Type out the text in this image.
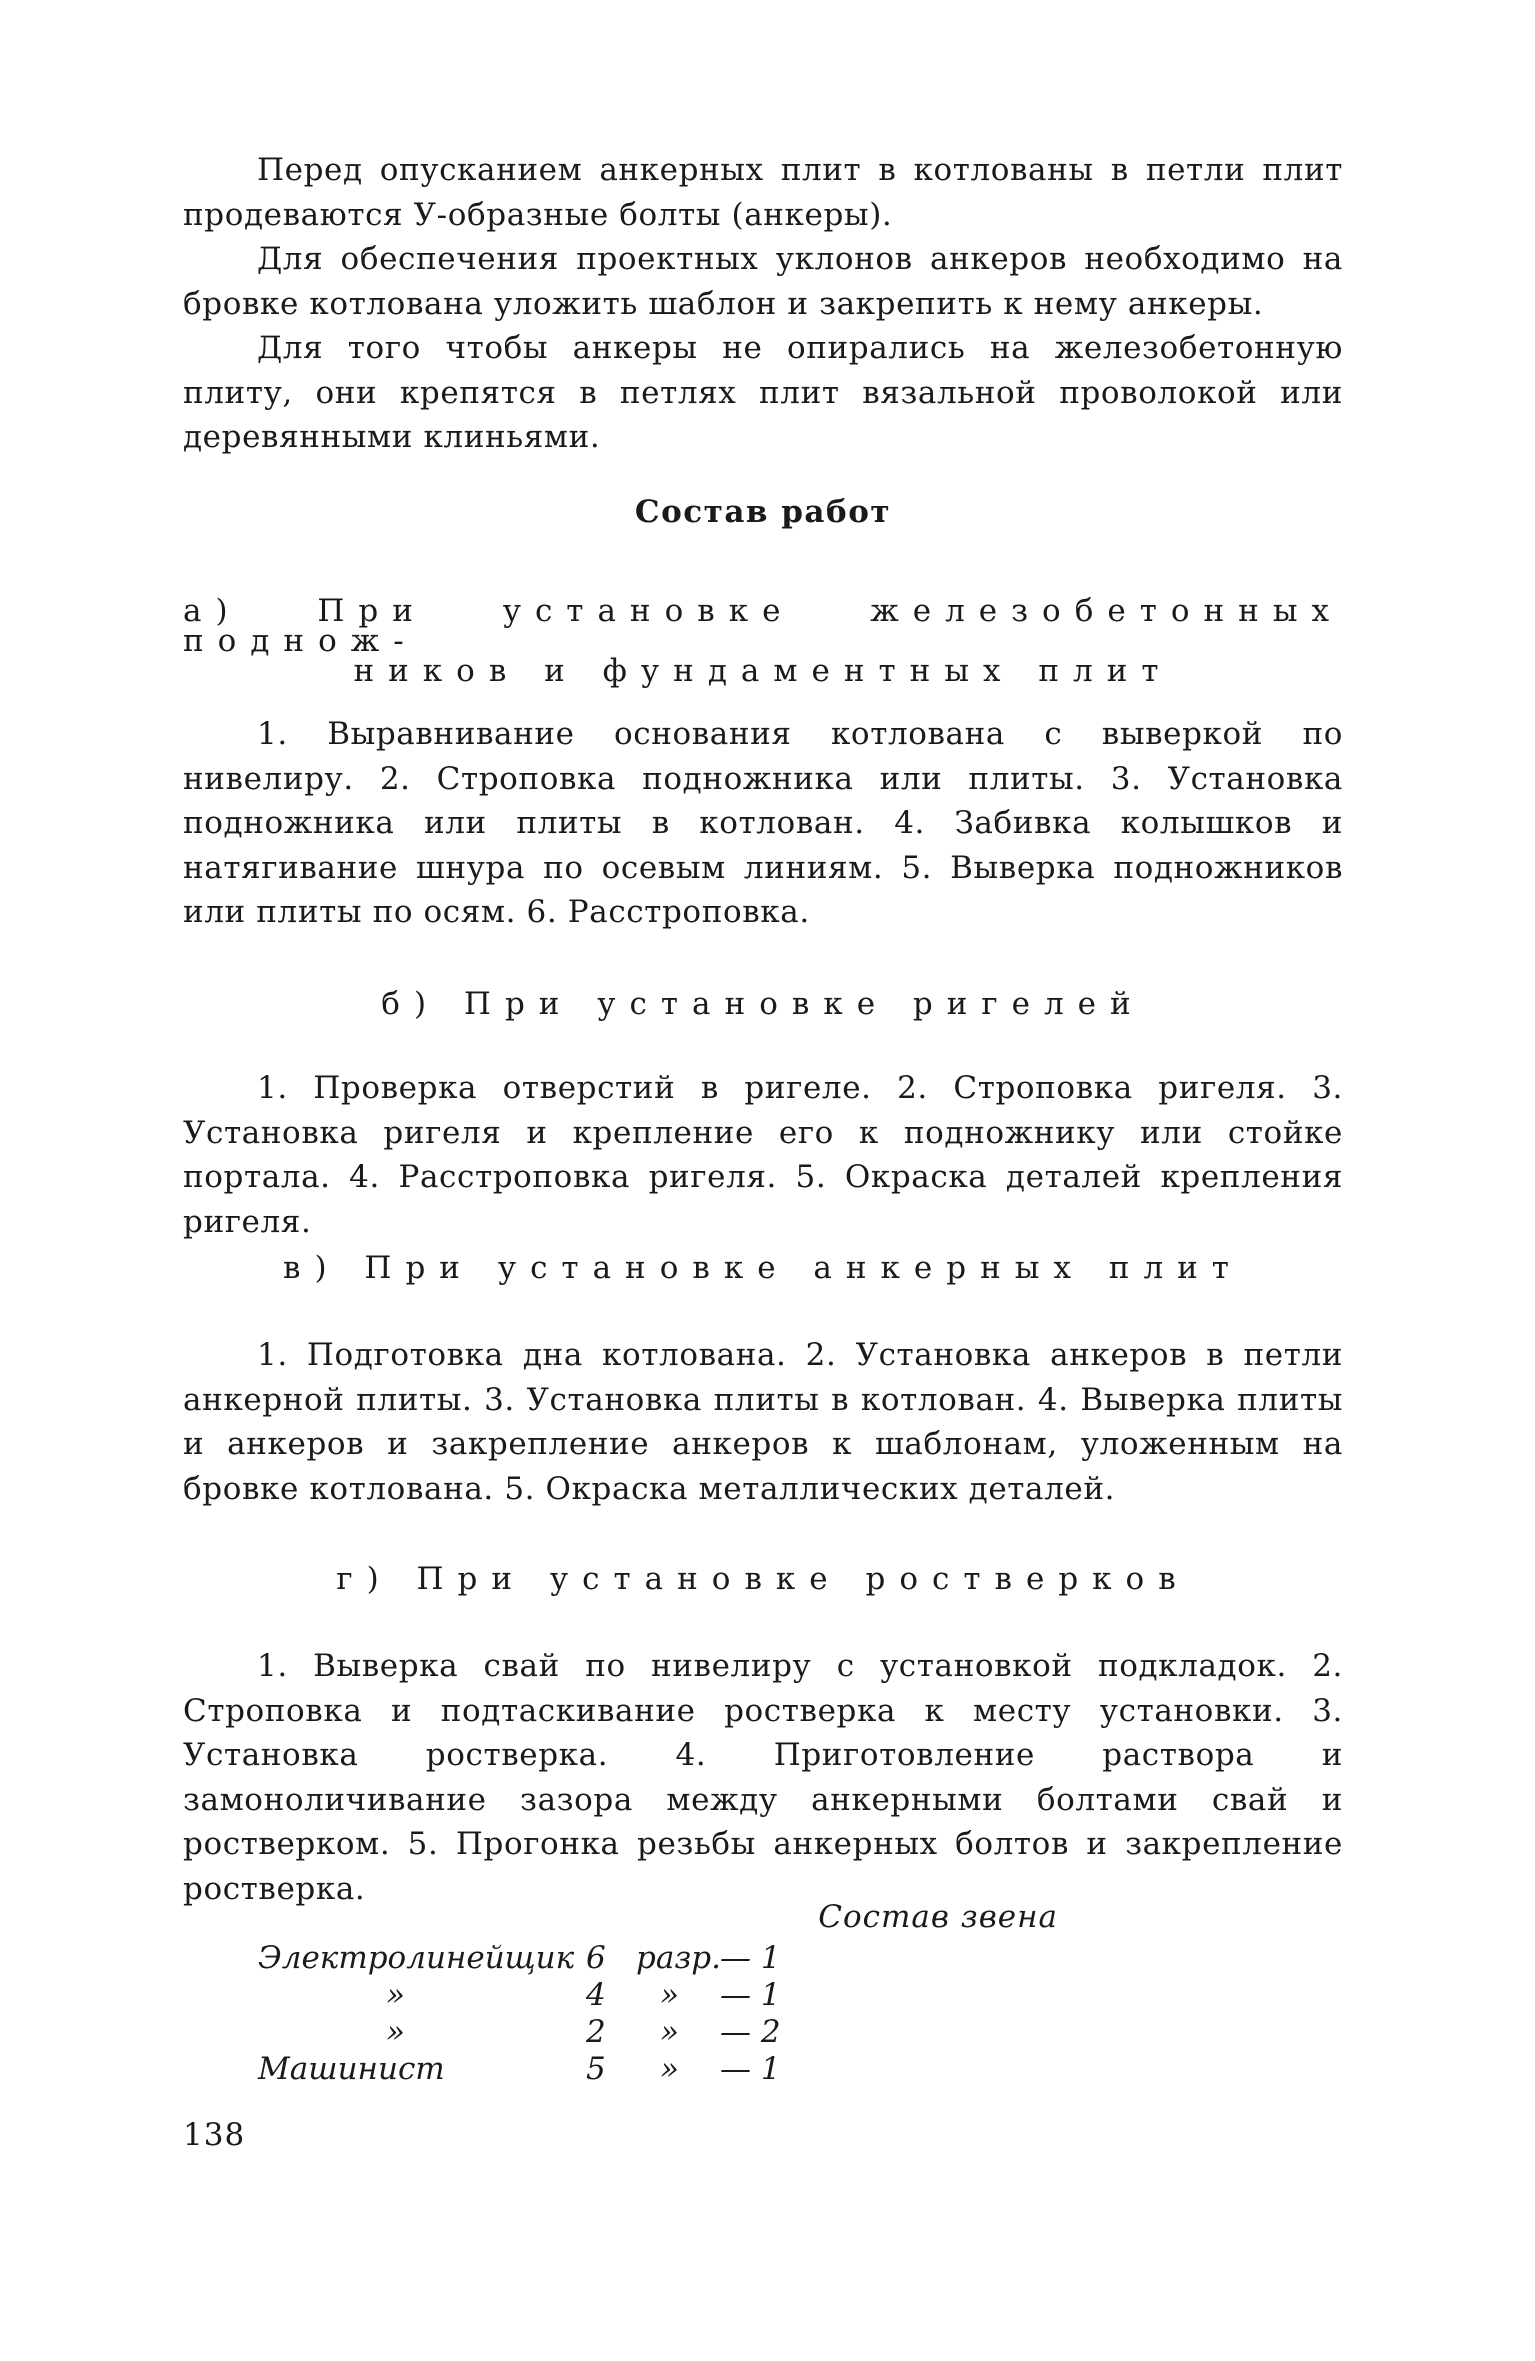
Перед опусканием анкерных плит в котлованы в петли плит продеваются У-образные болты (анкеры).

Для обеспечения проектных уклонов анкеров необходимо на бровке котлована уложить шаблон и закрепить к нему анкеры.

Для того чтобы анкеры не опирались на железобетонную плиту, они крепятся в петлях плит вязальной проволокой или деревянными клиньями.

Состав работ
а) При установке железобетонных поднож-
ников и фундаментных плит

1. Выравнивание основания котлована с выверкой по нивелиру. 2. Строповка подножника или плиты. 3. Установка подножника или плиты в котлован. 4. Забивка колышков и натягивание шнура по осевым линиям. 5. Выверка подножников или плиты по осям. 6. Расстроповка.

б) При установке ригелей

1. Проверка отверстий в ригеле. 2. Строповка ригеля. 3. Установка ригеля и крепление его к подножнику или стойке портала. 4. Расстроповка ригеля. 5. Окраска деталей крепления ригеля.

в) При установке анкерных плит

1. Подготовка дна котлована. 2. Установка анкеров в петли анкерной плиты. 3. Установка плиты в котлован. 4. Выверка плиты и анкеров и закрепление анкеров к шаблонам, уложенным на бровке котлована. 5. Окраска металлических деталей.

г) При установке ростверков

1. Выверка свай по нивелиру с установкой подкладок. 2. Строповка и подтаскивание ростверка к месту установки. 3. Установка ростверка. 4. Приготовление раствора и замоноличивание зазора между анкерными болтами свай и ростверком. 5. Прогонка резьбы анкерных болтов и закрепление ростверка.

Состав звена
Электролинейщик 6 разр. — 1
»	4 » — 1
»	2 » — 2
Машинист	5 » — 1
138
